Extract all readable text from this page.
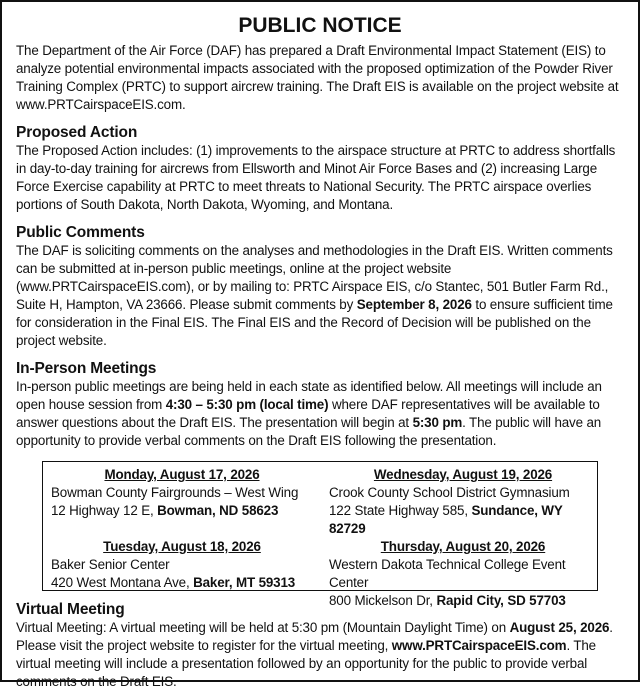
PUBLIC NOTICE

The Department of the Air Force (DAF) has prepared a Draft Environmental Impact Statement (EIS) to analyze potential environmental impacts associated with the proposed optimization of the Powder River Training Complex (PRTC) to support aircrew training. The Draft EIS is available on the project website at www.PRTCairspaceEIS.com.

Proposed Action

The Proposed Action includes: (1) improvements to the airspace structure at PRTC to address shortfalls in day-to-day training for aircrews from Ellsworth and Minot Air Force Bases and (2) increasing Large Force Exercise capability at PRTC to meet threats to National Security. The PRTC airspace overlies portions of South Dakota, North Dakota, Wyoming, and Montana.

Public Comments

The DAF is soliciting comments on the analyses and methodologies in the Draft EIS. Written comments can be submitted at in-person public meetings, online at the project website (www.PRTCairspaceEIS.com), or by mailing to: PRTC Airspace EIS, c/o Stantec, 501 Butler Farm Rd., Suite H, Hampton, VA 23666. Please submit comments by September 8, 2026 to ensure sufficient time for consideration in the Final EIS. The Final EIS and the Record of Decision will be published on the project website.

In-Person Meetings

In-person public meetings are being held in each state as identified below. All meetings will include an open house session from 4:30 – 5:30 pm (local time) where DAF representatives will be available to answer questions about the Draft EIS. The presentation will begin at 5:30 pm. The public will have an opportunity to provide verbal comments on the Draft EIS following the presentation.

Monday, August 17, 2026
Bowman County Fairgrounds – West Wing
12 Highway 12 E, Bowman, ND 58623
Wednesday, August 19, 2026
Crook County School District Gymnasium
122 State Highway 585, Sundance, WY 82729
Tuesday, August 18, 2026
Baker Senior Center
420 West Montana Ave, Baker, MT 59313
Thursday, August 20, 2026
Western Dakota Technical College Event Center
800 Mickelson Dr, Rapid City, SD 57703
Virtual Meeting

Virtual Meeting: A virtual meeting will be held at 5:30 pm (Mountain Daylight Time) on August 25, 2026. Please visit the project website to register for the virtual meeting, www.PRTCairspaceEIS.com. The virtual meeting will include a presentation followed by an opportunity for the public to provide verbal comments on the Draft EIS.
